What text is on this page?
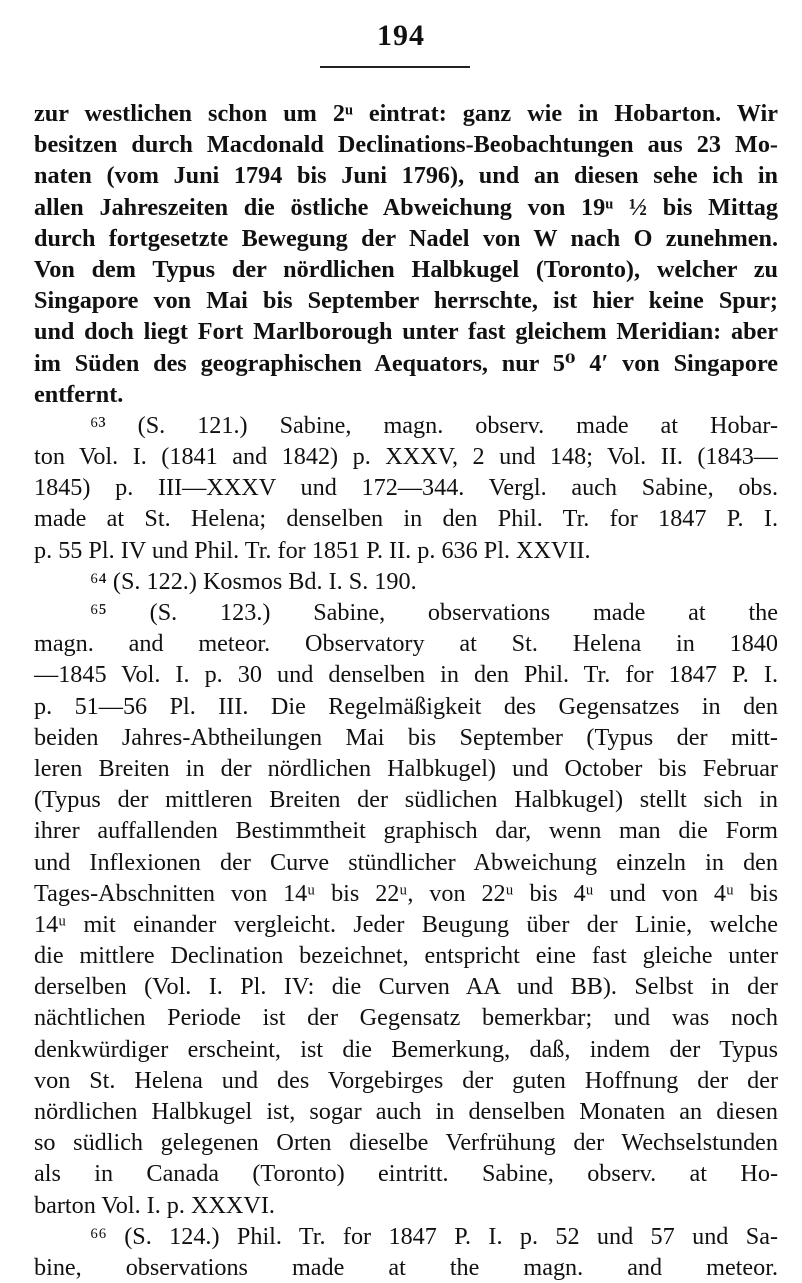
194
zur westlichen schon um 2ᵘ eintrat: ganz wie in Hobarton. Wir
besitzen durch Macdonald Declinations-Beobachtungen aus 23 Mo-
naten (vom Juni 1794 bis Juni 1796), und an diesen sehe ich in
allen Jahreszeiten die östliche Abweichung von 19ᵘ ½ bis Mittag
durch fortgesetzte Bewegung der Nadel von W nach O zunehmen.
Von dem Typus der nördlichen Halbkugel (Toronto), welcher zu
Singapore von Mai bis September herrschte, ist hier keine Spur;
und doch liegt Fort Marlborough unter fast gleichem Meridian: aber
im Süden des geographischen Aequators, nur 5⁰ 4′ von Singapore
entfernt.
⁶³ (S. 121.) Sabine, magn. observ. made at Hobar-
ton Vol. I. (1841 and 1842) p. XXXV, 2 und 148; Vol. II. (1843—
1845) p. III—XXXV und 172—344. Vergl. auch Sabine, obs.
made at St. Helena; denselben in den Phil. Tr. for 1847 P. I.
p. 55 Pl. IV und Phil. Tr. for 1851 P. II. p. 636 Pl. XXVII.
⁶⁴ (S. 122.) Kosmos Bd. I. S. 190.
⁶⁵ (S. 123.) Sabine, observations made at the
magn. and meteor. Observatory at St. Helena in 1840
—1845 Vol. I. p. 30 und denselben in den Phil. Tr. for 1847 P. I.
p. 51—56 Pl. III. Die Regelmäßigkeit des Gegensatzes in den
beiden Jahres-Abtheilungen Mai bis September (Typus der mitt-
leren Breiten in der nördlichen Halbkugel) und October bis Februar
(Typus der mittleren Breiten der südlichen Halbkugel) stellt sich in
ihrer auffallenden Bestimmtheit graphisch dar, wenn man die Form
und Inflexionen der Curve stündlicher Abweichung einzeln in den
Tages-Abschnitten von 14ᵘ bis 22ᵘ, von 22ᵘ bis 4ᵘ und von 4ᵘ bis
14ᵘ mit einander vergleicht. Jeder Beugung über der Linie, welche
die mittlere Declination bezeichnet, entspricht eine fast gleiche unter
derselben (Vol. I. Pl. IV: die Curven AA und BB). Selbst in der
nächtlichen Periode ist der Gegensatz bemerkbar; und was noch
denkwürdiger erscheint, ist die Bemerkung, daß, indem der Typus
von St. Helena und des Vorgebirges der guten Hoffnung der der
nördlichen Halbkugel ist, sogar auch in denselben Monaten an diesen
so südlich gelegenen Orten dieselbe Verfrühung der Wechselstunden
als in Canada (Toronto) eintritt. Sabine, observ. at Ho-
barton Vol. I. p. XXXVI.
⁶⁶ (S. 124.) Phil. Tr. for 1847 P. I. p. 52 und 57 und Sa-
bine, observations made at the magn. and meteor.
